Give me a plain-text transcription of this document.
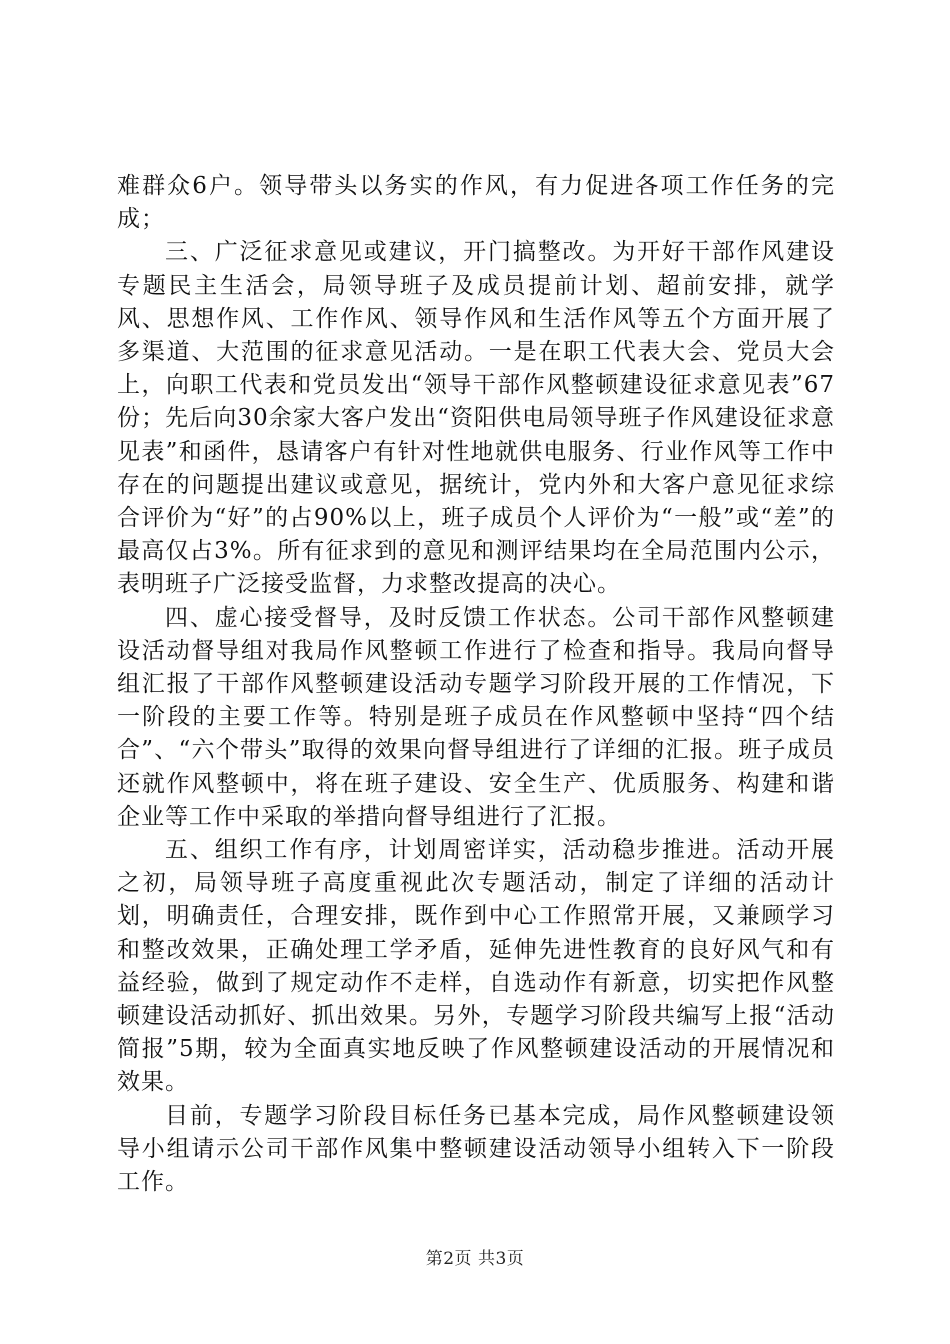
难群众6户。领导带头以务实的作风，有力促进各项工作任务的完成；

三、广泛征求意见或建议，开门搞整改。为开好干部作风建设专题民主生活会，局领导班子及成员提前计划、超前安排，就学风、思想作风、工作作风、领导作风和生活作风等五个方面开展了多渠道、大范围的征求意见活动。一是在职工代表大会、党员大会上，向职工代表和党员发出“领导干部作风整顿建设征求意见表”67份；先后向30余家大客户发出“资阳供电局领导班子作风建设征求意见表”和函件，恳请客户有针对性地就供电服务、行业作风等工作中存在的问题提出建议或意见，据统计，党内外和大客户意见征求综合评价为“好”的占90%以上，班子成员个人评价为“一般”或“差”的最高仅占3%。所有征求到的意见和测评结果均在全局范围内公示，表明班子广泛接受监督，力求整改提高的决心。

四、虚心接受督导，及时反馈工作状态。公司干部作风整顿建设活动督导组对我局作风整顿工作进行了检查和指导。我局向督导组汇报了干部作风整顿建设活动专题学习阶段开展的工作情况，下一阶段的主要工作等。特别是班子成员在作风整顿中坚持“四个结合”、“六个带头”取得的效果向督导组进行了详细的汇报。班子成员还就作风整顿中，将在班子建设、安全生产、优质服务、构建和谐企业等工作中采取的举措向督导组进行了汇报。

五、组织工作有序，计划周密详实，活动稳步推进。活动开展之初，局领导班子高度重视此次专题活动，制定了详细的活动计划，明确责任，合理安排，既作到中心工作照常开展，又兼顾学习和整改效果，正确处理工学矛盾，延伸先进性教育的良好风气和有益经验，做到了规定动作不走样，自选动作有新意，切实把作风整顿建设活动抓好、抓出效果。另外，专题学习阶段共编写上报“活动简报”5期，较为全面真实地反映了作风整顿建设活动的开展情况和效果。

目前，专题学习阶段目标任务已基本完成，局作风整顿建设领导小组请示公司干部作风集中整顿建设活动领导小组转入下一阶段工作。

第2页 共3页
